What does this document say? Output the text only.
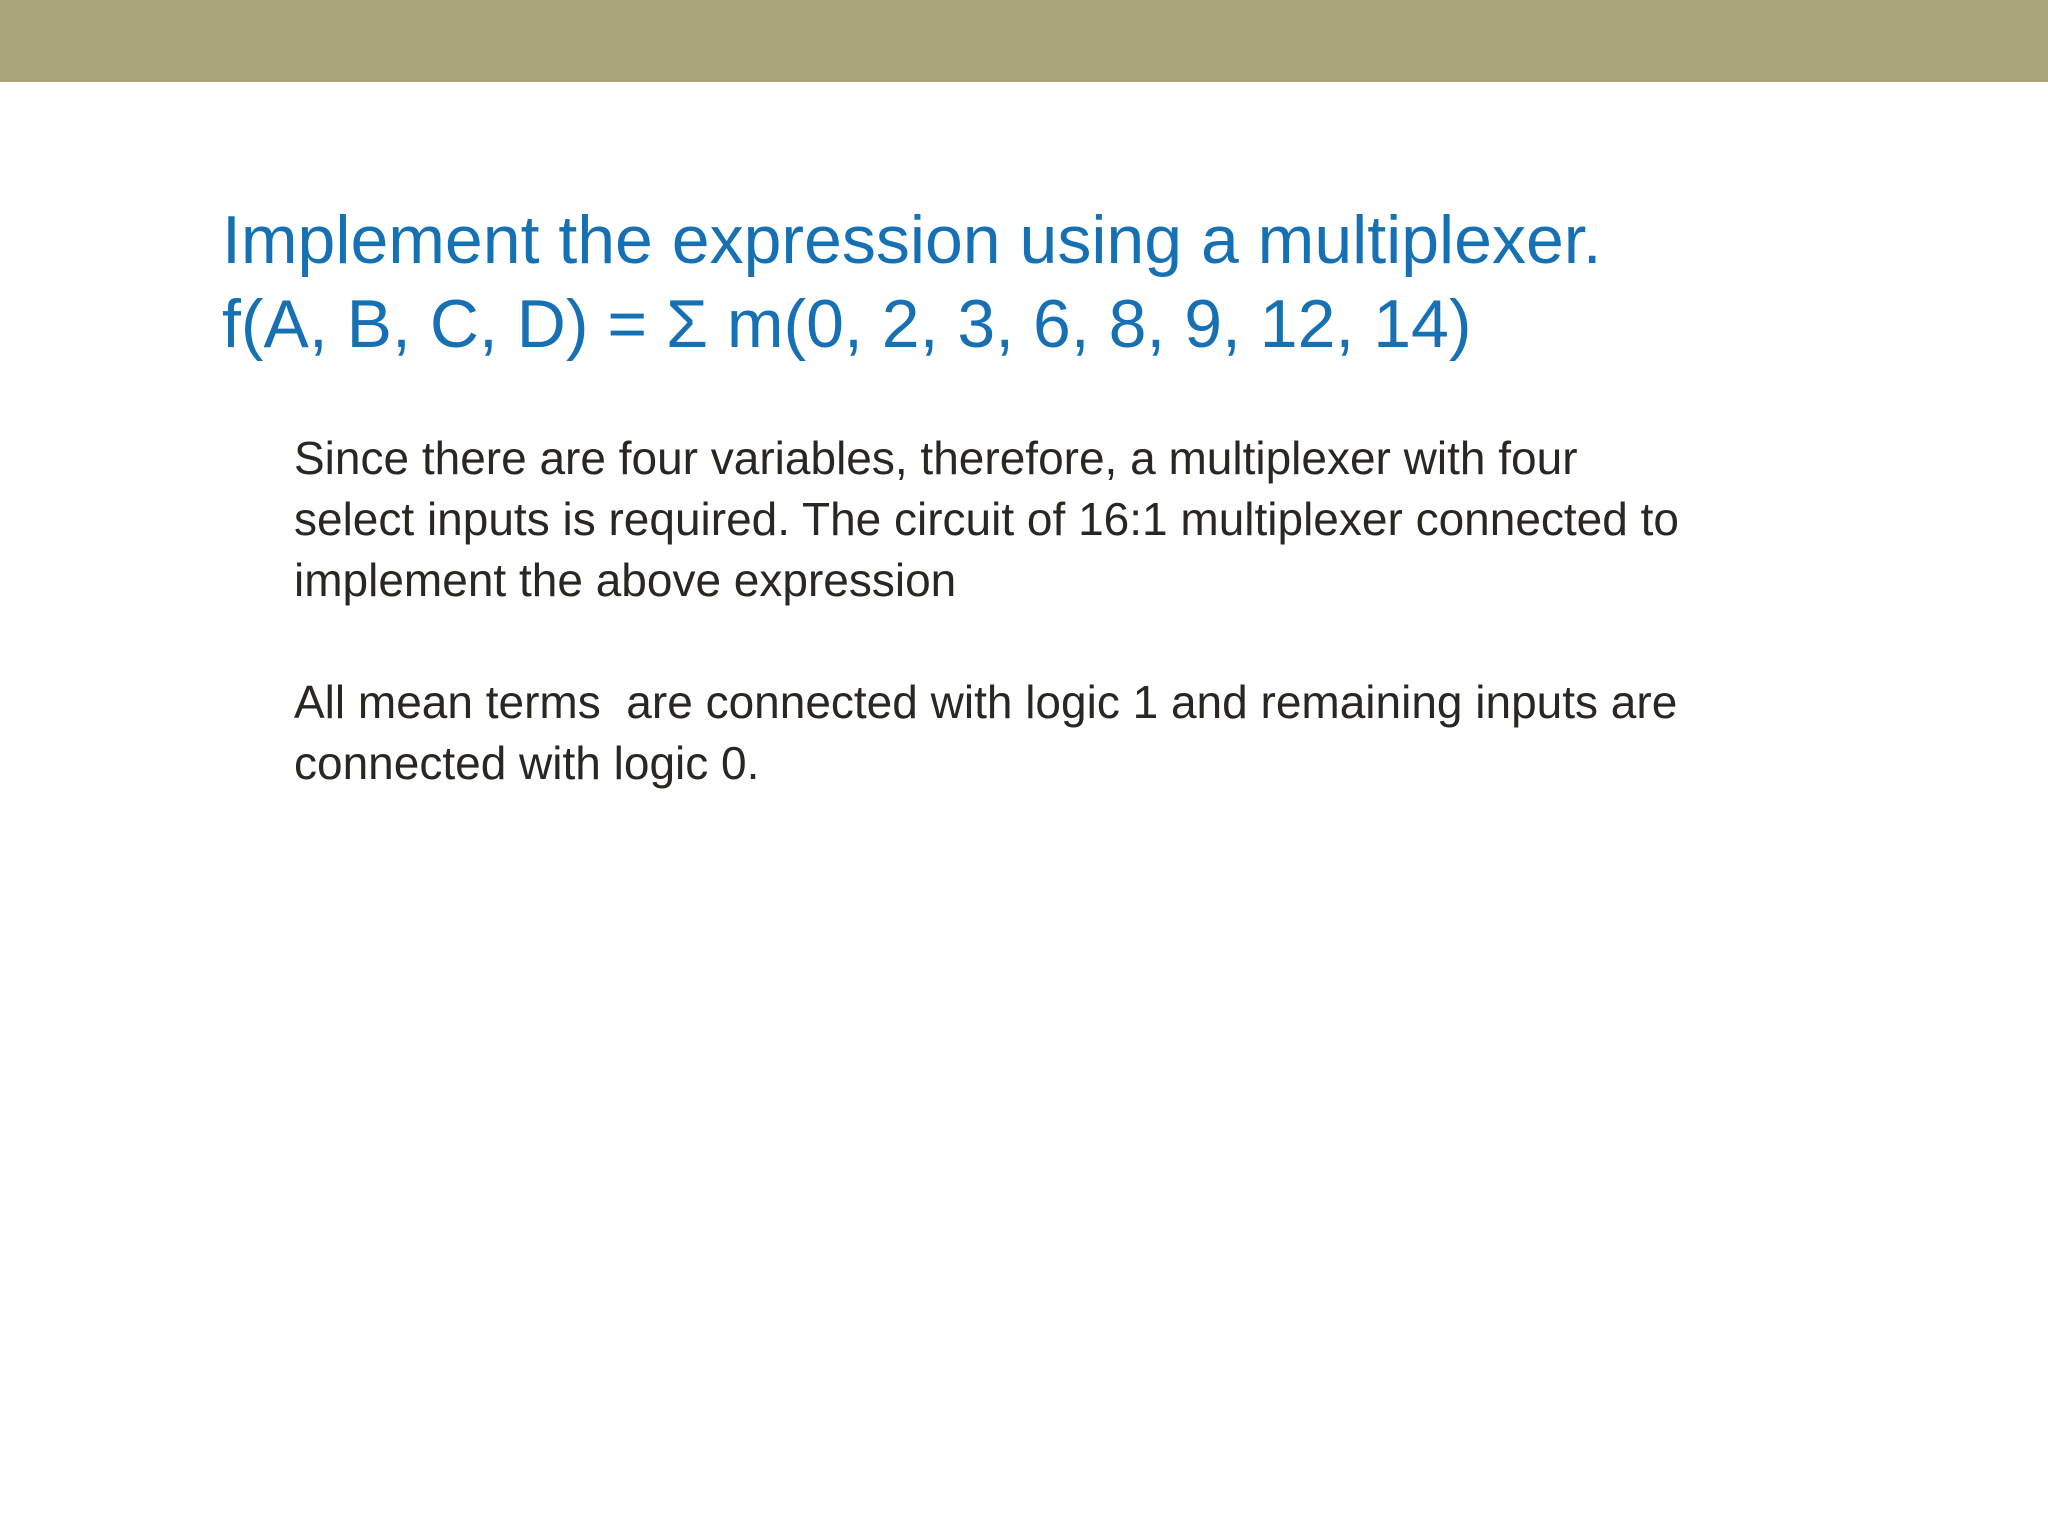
Implement the expression using a multiplexer.
f(A, B, C, D) = Σ m(0, 2, 3, 6, 8, 9, 12, 14)

Since there are four variables, therefore, a multiplexer with four
select inputs is required. The circuit of 16:1 multiplexer connected to
implement the above expression

All mean terms  are connected with logic 1 and remaining inputs are
connected with logic 0.
